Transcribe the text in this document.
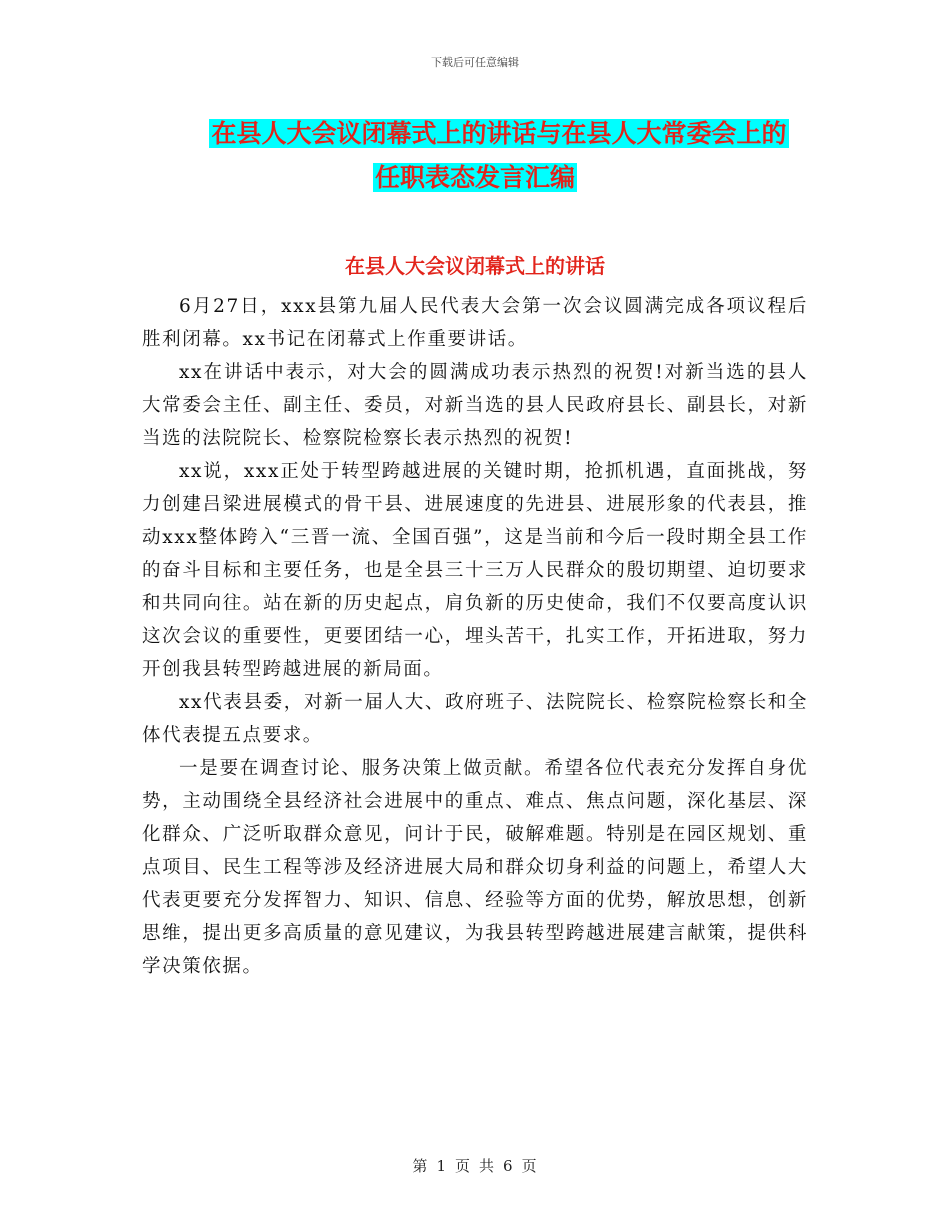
下载后可任意编辑
在县人大会议闭幕式上的讲话与在县人大常委会上的
任职表态发言汇编
在县人大会议闭幕式上的讲话

6月27日，xxx县第九届人民代表大会第一次会议圆满完成各项议程后胜利闭幕。xx书记在闭幕式上作重要讲话。

xx在讲话中表示，对大会的圆满成功表示热烈的祝贺!对新当选的县人大常委会主任、副主任、委员，对新当选的县人民政府县长、副县长，对新当选的法院院长、检察院检察长表示热烈的祝贺!

xx说，xxx正处于转型跨越进展的关键时期，抢抓机遇，直面挑战，努力创建吕梁进展模式的骨干县、进展速度的先进县、进展形象的代表县，推动xxx整体跨入“三晋一流、全国百强”，这是当前和今后一段时期全县工作的奋斗目标和主要任务，也是全县三十三万人民群众的殷切期望、迫切要求和共同向往。站在新的历史起点，肩负新的历史使命，我们不仅要高度认识这次会议的重要性，更要团结一心，埋头苦干，扎实工作，开拓进取，努力开创我县转型跨越进展的新局面。

xx代表县委，对新一届人大、政府班子、法院院长、检察院检察长和全体代表提五点要求。

一是要在调查讨论、服务决策上做贡献。希望各位代表充分发挥自身优势，主动围绕全县经济社会进展中的重点、难点、焦点问题，深化基层、深化群众、广泛听取群众意见，问计于民，破解难题。特别是在园区规划、重点项目、民生工程等涉及经济进展大局和群众切身利益的问题上，希望人大代表更要充分发挥智力、知识、信息、经验等方面的优势，解放思想，创新思维，提出更多高质量的意见建议，为我县转型跨越进展建言献策，提供科学决策依据。

第 1 页 共 6 页
